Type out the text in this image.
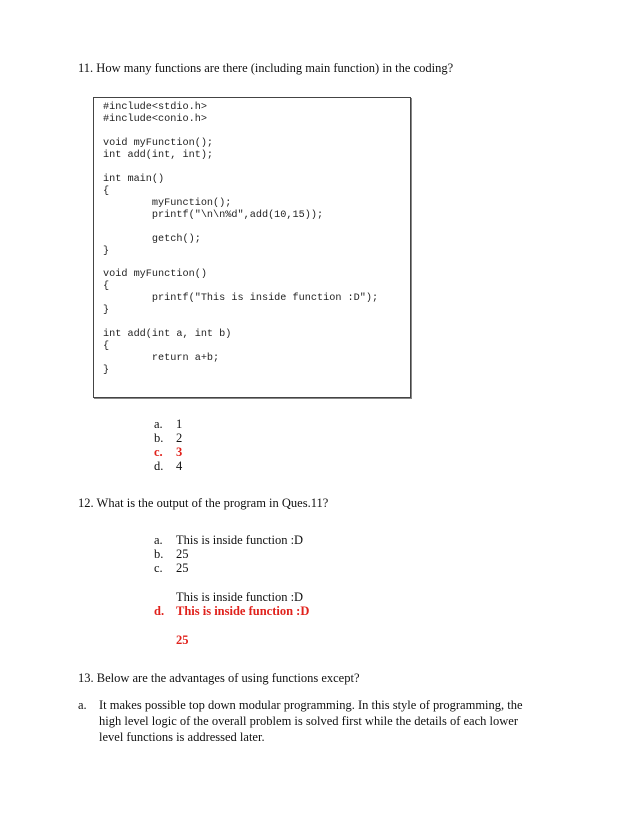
11. How many functions are there (including main function) in the coding?
#include<stdio.h>
#include<conio.h>
void myFunction();
int add(int, int);
int main()
{
myFunction();
printf("\n\n%d",add(10,15));
getch();
}
void myFunction()
{
printf("This is inside function :D");
}
int add(int a, int b)
{
return a+b;
}
a. 1
b. 2
c. 3
d. 4
12. What is the output of the program in Ques.11?
a. This is inside function :D
b. 25
c. 25
This is inside function :D
d. This is inside function :D
25
13. Below are the advantages of using functions except?
a. It makes possible top down modular programming. In this style of programming, the
high level logic of the overall problem is solved first while the details of each lower
level functions is addressed later.
